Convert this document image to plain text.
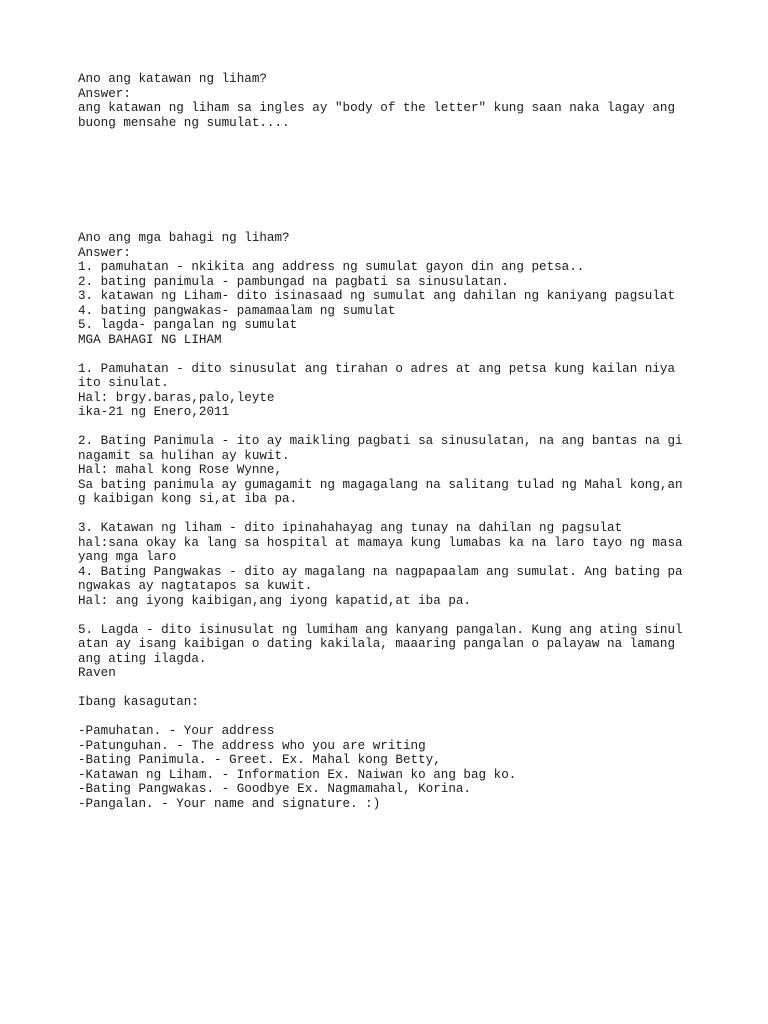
Ano ang katawan ng liham?
Answer:
ang katawan ng liham sa ingles ay "body of the letter" kung saan naka lagay ang
buong mensahe ng sumulat....
Ano ang mga bahagi ng liham?
Answer:
1. pamuhatan - nkikita ang address ng sumulat gayon din ang petsa..
2. bating panimula - pambungad na pagbati sa sinusulatan.
3. katawan ng Liham- dito isinasaad ng sumulat ang dahilan ng kaniyang pagsulat
4. bating pangwakas- pamamaalam ng sumulat
5. lagda- pangalan ng sumulat
MGA BAHAGI NG LIHAM
1. Pamuhatan - dito sinusulat ang tirahan o adres at ang petsa kung kailan niya
ito sinulat.
Hal: brgy.baras,palo,leyte
ika-21 ng Enero,2011
2. Bating Panimula - ito ay maikling pagbati sa sinusulatan, na ang bantas na gi
nagamit sa hulihan ay kuwit.
Hal: mahal kong Rose Wynne,
Sa bating panimula ay gumagamit ng magagalang na salitang tulad ng Mahal kong,an
g kaibigan kong si,at iba pa.
3. Katawan ng liham - dito ipinahahayag ang tunay na dahilan ng pagsulat
hal:sana okay ka lang sa hospital at mamaya kung lumabas ka na laro tayo ng masa
yang mga laro
4. Bating Pangwakas - dito ay magalang na nagpapaalam ang sumulat. Ang bating pa
ngwakas ay nagtatapos sa kuwit.
Hal: ang iyong kaibigan,ang iyong kapatid,at iba pa.
5. Lagda - dito isinusulat ng lumiham ang kanyang pangalan. Kung ang ating sinul
atan ay isang kaibigan o dating kakilala, maaaring pangalan o palayaw na lamang
ang ating ilagda.
Raven
Ibang kasagutan:
-Pamuhatan. - Your address
-Patunguhan. - The address who you are writing
-Bating Panimula. - Greet. Ex. Mahal kong Betty,
-Katawan ng Liham. - Information Ex. Naiwan ko ang bag ko.
-Bating Pangwakas. - Goodbye Ex. Nagmamahal, Korina.
-Pangalan. - Your name and signature. :)
